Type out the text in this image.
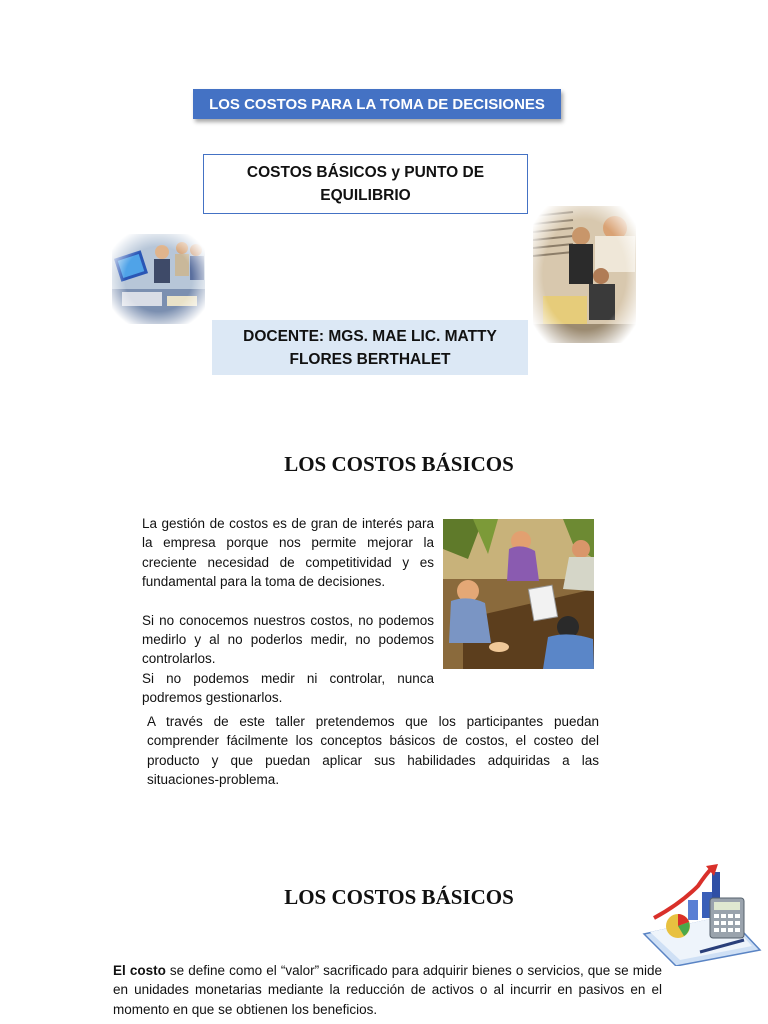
LOS COSTOS PARA LA TOMA DE DECISIONES
COSTOS BÁSICOS y PUNTO DE
EQUILIBRIO
DOCENTE: MGS. MAE LIC. MATTY
FLORES BERTHALET
LOS COSTOS BÁSICOS

La gestión de costos es de gran de interés para la empresa porque nos permite mejorar la creciente necesidad de competitividad y es fundamental para la toma de decisiones.

Si no conocemos nuestros costos, no podemos medirlo y al no poderlos medir, no podemos controlarlos.

Si no podemos medir ni controlar, nunca podremos gestionarlos.

A través de este taller pretendemos que los participantes puedan comprender fácilmente los conceptos básicos de costos, el costeo del producto y que puedan aplicar sus habilidades adquiridas a las situaciones-problema.

LOS COSTOS BÁSICOS

El costo se define como el “valor” sacrificado para adquirir bienes o servicios, que se mide en unidades monetarias mediante la reducción de activos o al incurrir en pasivos en el momento en que se obtienen los beneficios.
